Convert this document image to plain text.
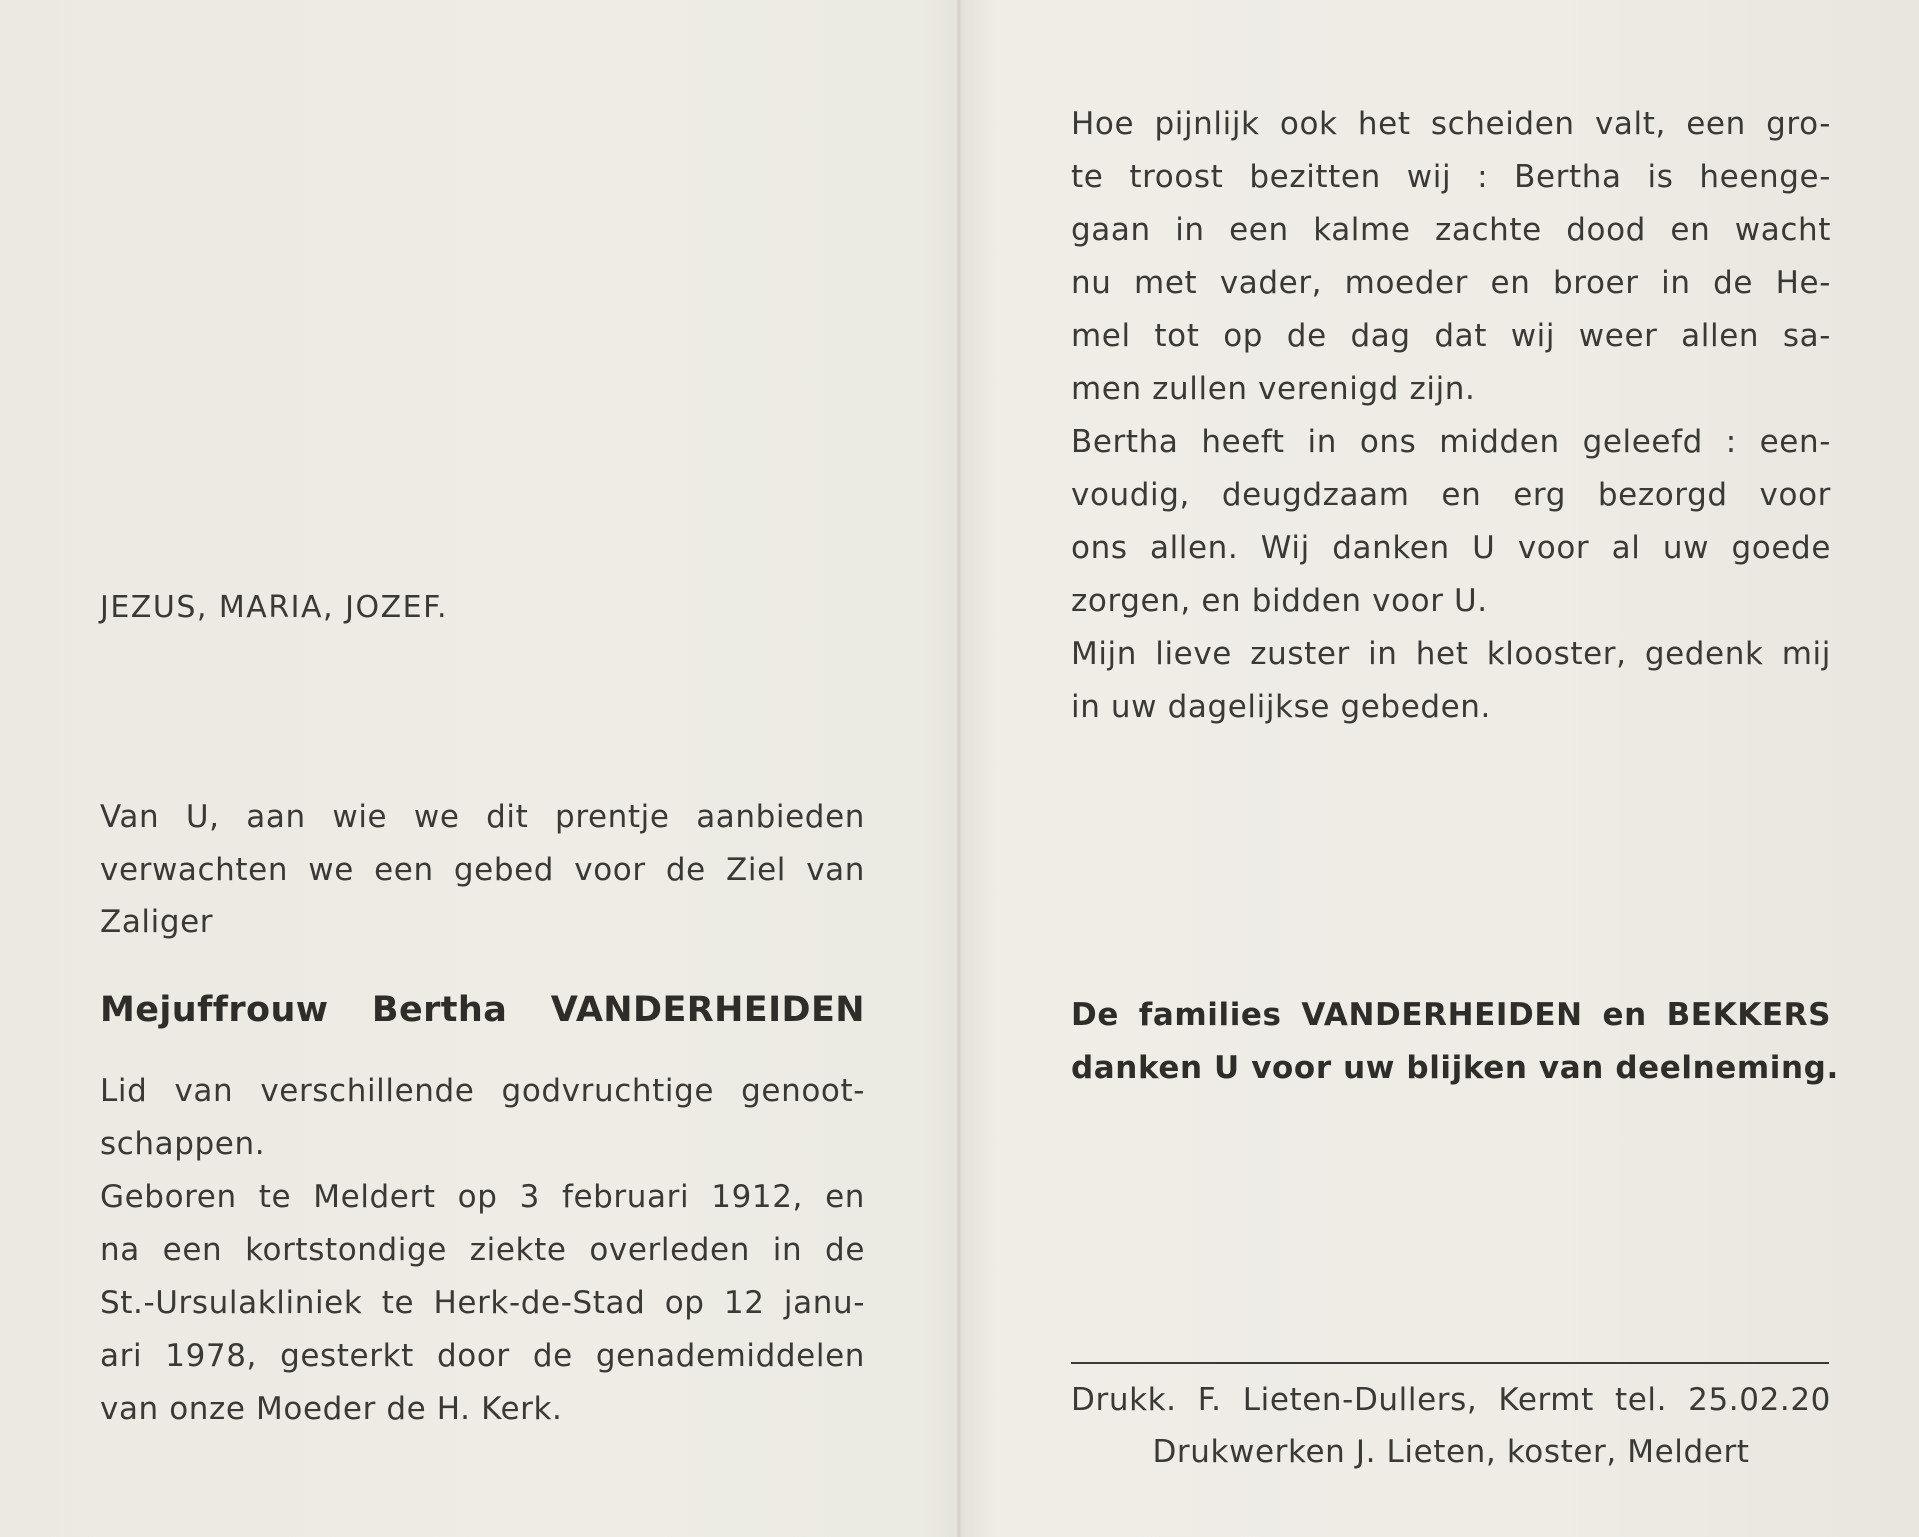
JEZUS, MARIA, JOZEF.
Van U, aan wie we dit prentje aanbieden
verwachten we een gebed voor de Ziel van
Zaliger
Mejuffrouw Bertha VANDERHEIDEN
Lid van verschillende godvruchtige genoot-
schappen.
Geboren te Meldert op 3 februari 1912, en
na een kortstondige ziekte overleden in de
St.-Ursulakliniek te Herk-de-Stad op 12 janu-
ari 1978, gesterkt door de genademiddelen
van onze Moeder de H. Kerk.
Hoe pijnlijk ook het scheiden valt, een gro-
te troost bezitten wij : Bertha is heenge-
gaan in een kalme zachte dood en wacht
nu met vader, moeder en broer in de He-
mel tot op de dag dat wij weer allen sa-
men zullen verenigd zijn.
Bertha heeft in ons midden geleefd : een-
voudig, deugdzaam en erg bezorgd voor
ons allen. Wij danken U voor al uw goede
zorgen, en bidden voor U.
Mijn lieve zuster in het klooster, gedenk mij
in uw dagelijkse gebeden.
De families VANDERHEIDEN en BEKKERS
danken U voor uw blijken van deelneming.
Drukk. F. Lieten-Dullers, Kermt tel. 25.02.20
Drukwerken J. Lieten, koster, Meldert
